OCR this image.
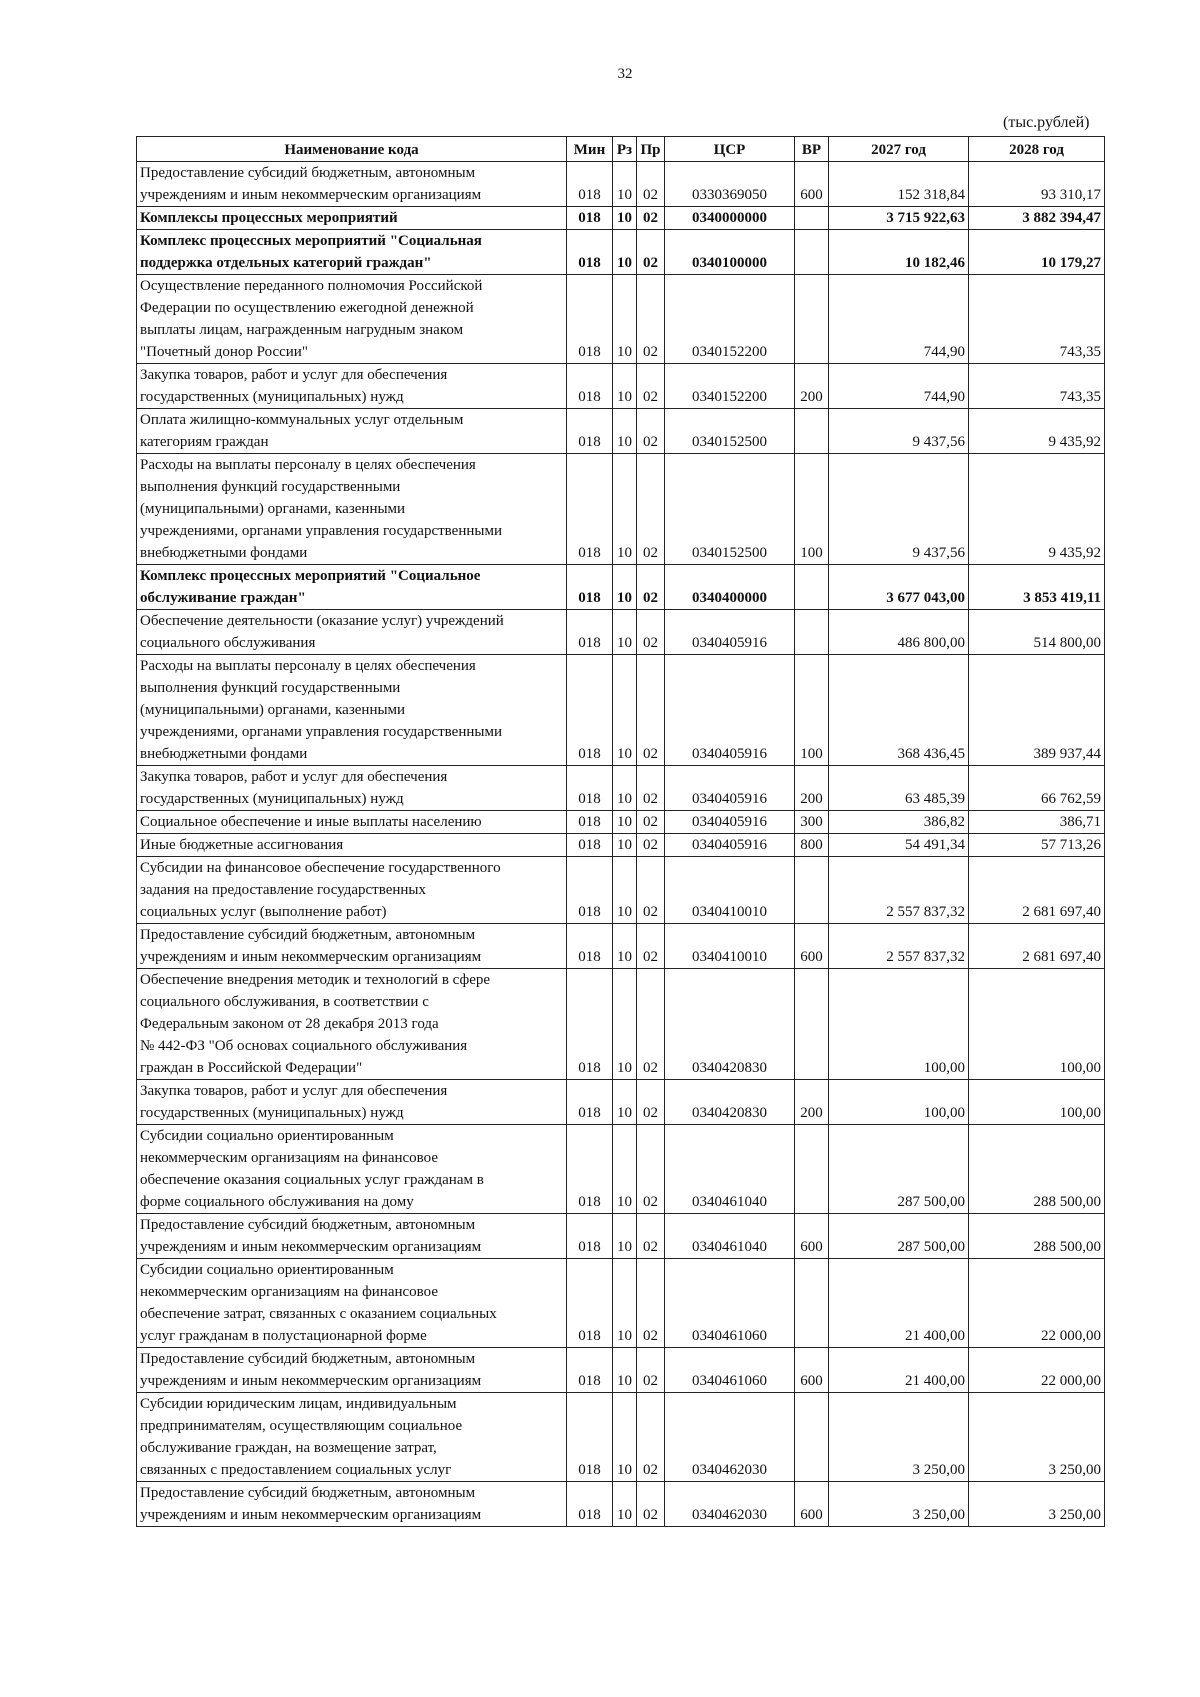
32
(тыс.рублей)
Наименование кода	Мин	Рз	Пр	ЦСР	ВР	2027 год	2028 год

Предоставление субсидий бюджетным, автономным
учреждениям и иным некоммерческим организациям	018	10	02	0330369050	600	152 318,84	93 310,17

Комплексы процессных мероприятий	018	10	02	0340000000		3 715 922,63	3 882 394,47

Комплекс процессных мероприятий "Социальная
поддержка отдельных категорий граждан"	018	10	02	0340100000		10 182,46	10 179,27

Осуществление переданного полномочия Российской
Федерации по осуществлению ежегодной денежной
выплаты лицам, награжденным нагрудным знаком
"Почетный донор России"	018	10	02	0340152200		744,90	743,35

Закупка товаров, работ и услуг для обеспечения
государственных (муниципальных) нужд	018	10	02	0340152200	200	744,90	743,35

Оплата жилищно-коммунальных услуг отдельным
категориям граждан	018	10	02	0340152500		9 437,56	9 435,92

Расходы на выплаты персоналу в целях обеспечения
выполнения функций государственными
(муниципальными) органами, казенными
учреждениями, органами управления государственными
внебюджетными фондами	018	10	02	0340152500	100	9 437,56	9 435,92

Комплекс процессных мероприятий "Социальное
обслуживание граждан"	018	10	02	0340400000		3 677 043,00	3 853 419,11

Обеспечение деятельности (оказание услуг) учреждений
социального обслуживания	018	10	02	0340405916		486 800,00	514 800,00

Расходы на выплаты персоналу в целях обеспечения
выполнения функций государственными
(муниципальными) органами, казенными
учреждениями, органами управления государственными
внебюджетными фондами	018	10	02	0340405916	100	368 436,45	389 937,44

Закупка товаров, работ и услуг для обеспечения
государственных (муниципальных) нужд	018	10	02	0340405916	200	63 485,39	66 762,59

Социальное обеспечение и иные выплаты населению	018	10	02	0340405916	300	386,82	386,71

Иные бюджетные ассигнования	018	10	02	0340405916	800	54 491,34	57 713,26

Субсидии на финансовое обеспечение государственного
задания на предоставление государственных
социальных услуг (выполнение работ)	018	10	02	0340410010		2 557 837,32	2 681 697,40

Предоставление субсидий бюджетным, автономным
учреждениям и иным некоммерческим организациям	018	10	02	0340410010	600	2 557 837,32	2 681 697,40

Обеспечение внедрения методик и технологий в сфере
социального обслуживания, в соответствии с
Федеральным законом от 28 декабря 2013 года
№ 442-ФЗ "Об основах социального обслуживания
граждан в Российской Федерации"	018	10	02	0340420830		100,00	100,00

Закупка товаров, работ и услуг для обеспечения
государственных (муниципальных) нужд	018	10	02	0340420830	200	100,00	100,00

Субсидии социально ориентированным
некоммерческим организациям на финансовое
обеспечение оказания социальных услуг гражданам в
форме социального обслуживания на дому	018	10	02	0340461040		287 500,00	288 500,00

Предоставление субсидий бюджетным, автономным
учреждениям и иным некоммерческим организациям	018	10	02	0340461040	600	287 500,00	288 500,00

Субсидии социально ориентированным
некоммерческим организациям на финансовое
обеспечение затрат, связанных с оказанием социальных
услуг гражданам в полустационарной форме	018	10	02	0340461060		21 400,00	22 000,00

Предоставление субсидий бюджетным, автономным
учреждениям и иным некоммерческим организациям	018	10	02	0340461060	600	21 400,00	22 000,00

Субсидии юридическим лицам, индивидуальным
предпринимателям, осуществляющим социальное
обслуживание граждан, на возмещение затрат,
связанных с предоставлением социальных услуг	018	10	02	0340462030		3 250,00	3 250,00

Предоставление субсидий бюджетным, автономным
учреждениям и иным некоммерческим организациям	018	10	02	0340462030	600	3 250,00	3 250,00
